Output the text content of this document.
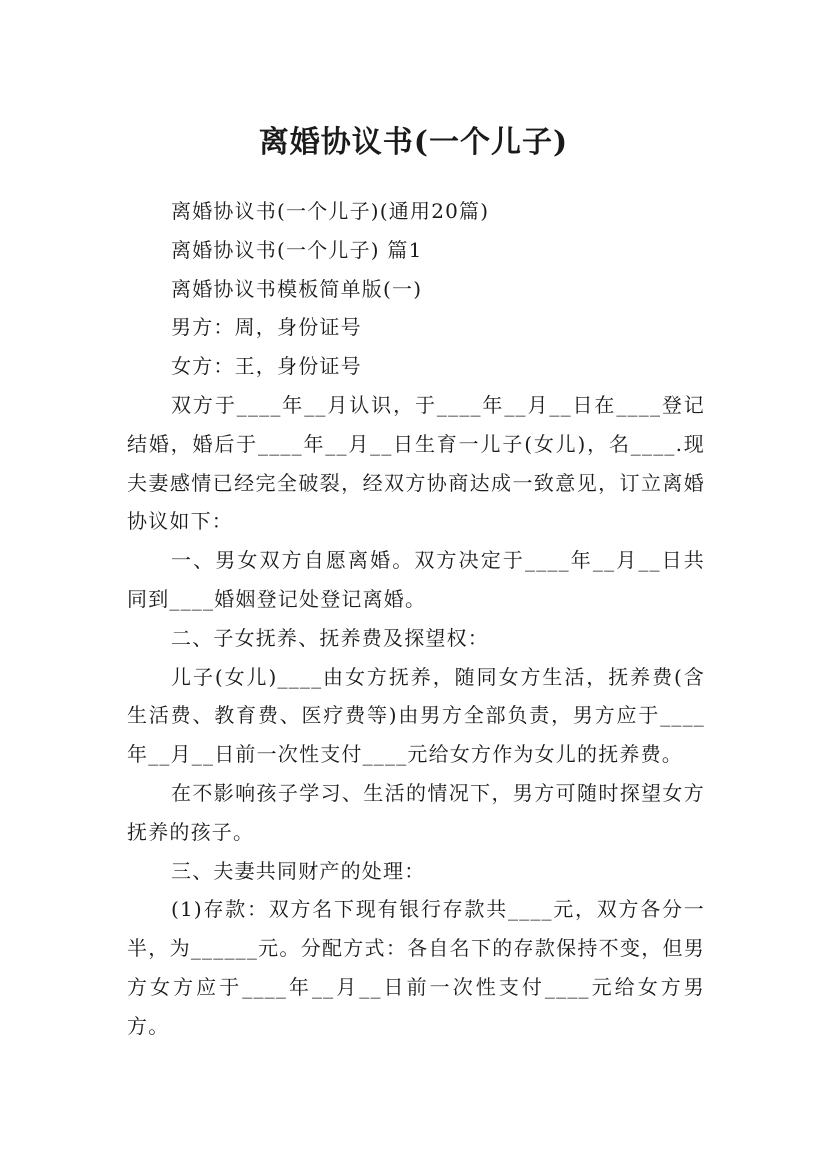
离婚协议书(一个儿子)

离婚协议书(一个儿子)(通用20篇)

离婚协议书(一个儿子) 篇1

离婚协议书模板简单版(一)

男方：周，身份证号

女方：王，身份证号

双方于____年__月认识，于____年__月__日在____登记结婚，婚后于____年__月__日生育一儿子(女儿)，名____.现夫妻感情已经完全破裂，经双方协商达成一致意见，订立离婚协议如下：

一、男女双方自愿离婚。双方决定于____年__月__日共同到____婚姻登记处登记离婚。

二、子女抚养、抚养费及探望权：

儿子(女儿)____由女方抚养，随同女方生活，抚养费(含生活费、教育费、医疗费等)由男方全部负责，男方应于____年__月__日前一次性支付____元给女方作为女儿的抚养费。

在不影响孩子学习、生活的情况下，男方可随时探望女方抚养的孩子。

三、夫妻共同财产的处理：

(1)存款：双方名下现有银行存款共____元，双方各分一半，为______元。分配方式：各自名下的存款保持不变，但男方女方应于____年__月__日前一次性支付____元给女方男方。
